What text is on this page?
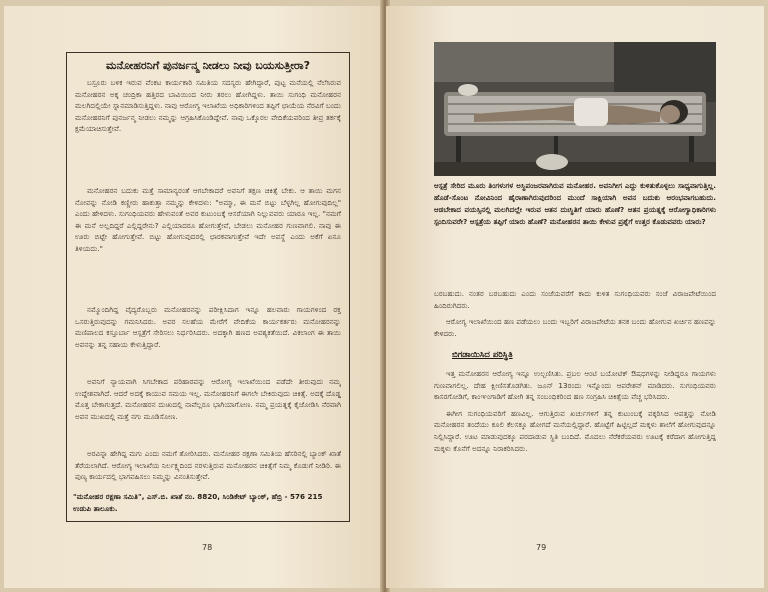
ಮನೋಹರನಿಗೆ ಪುನರ್ಜನ್ಮ ನೀಡಲು ನೀವು ಬಯಸುತ್ತೀರಾ?

ಬಸ್ರೂರು ಬಳಿಕ ಇರುವ ವೆಂಕಟ ಕಾರ್ಯಕಾರಿ ಸಮಿತಿಯ ಸದಸ್ಯರು ಹೇಗಿದ್ದಾರೆ, ಪುಟ್ಟ ಮನೆಯಲ್ಲಿ ನೆಲೆಸಿರುವ ಮನೋಹರನ ಅಕ್ಕ ಚಂದ್ರಿಕಾ ಹತ್ತಿರದ ಬಾವಿಯಿಂದ ನೀರು ತರಲು ಹೋಗಿದ್ದಳು. ತಾಯಿ ಸುಗಂಧಿ ಮನೋಹರನ ಮಲಗಿದಲ್ಲಿಯೇ ಸ್ನಾನಮಾಡಿಸುತ್ತಿದ್ದಳು. ನಾವು ಆರೋಗ್ಯ ಇಲಾಖೆಯ ಅಧಿಕಾರಿಗಳಿಂದ ತಪ್ಪಿಗೆ ಛಾಯೆಯ ನೆರವಿಗೆ ಬಂದು ಮನೋಹರನಿಗೆ ಪುನರ್ಜನ್ಮ ನೀಡಲು ನಮ್ಮನ್ನು ಆಗ್ರಹಿಸಿಕೊಂಡಿದ್ದೇವೆ. ನಾವು ಒಕ್ಕೊರಲ ವೇದಿಕೆಯವರಿಂದ ತೀವ್ರ ತರ್ಕಕ್ಕೆ ಕ್ಷಮೆಯಾಚಿಸುತ್ತೇವೆ.

ಮನೋಹರನ ಬದುಕು ಮತ್ತೆ ಸಾಮಾನ್ಯರಂತೆ ಆಗಬೇಕಾದರೆ ಅವನಿಗೆ ತಕ್ಷಣ ಚಿಕಿತ್ಸೆ ಬೇಕು. ಆ ತಾಯಿ ಮಗನ ನೋವನ್ನು ನೋಡಿ ಕಣ್ಣೀರು ಹಾಕುತ್ತಾ ನಮ್ಮನ್ನು ಕೇಳಿದಳು: "ಅಮ್ಮಾ, ಈ ಮನೆ ಬಿಟ್ಟು ಬೆಳ್ಳಗಿಲ್ಲ ಹೋಗುವುದಿಲ್ಲ" ಎಂದು ಹೇಳಿದಳು. ಸುಗಂಧಿಯವರು ಹೇಳುವಂತೆ ಅವರ ಕುಟುಂಬಕ್ಕೆ ಆಸರೆಯಾಗಿ ನಿಲ್ಲುವವರು ಯಾರೂ ಇಲ್ಲ. "ನಮಗೆ ಈ ಮನೆ ಅಲ್ಲದಿದ್ದರೆ ಎಲ್ಲಿದ್ದರೇನು? ಎಲ್ಲಿಯಾದರೂ ಹೋಗುತ್ತೇವೆ, ಬೇಡಲು ಮನೋಹರ ಗುಣವಾಗಲಿ. ನಾವು ಈ ಊರು ಬಿಟ್ಟೇ ಹೋಗುತ್ತೇವೆ. ಬಿಟ್ಟು ಹೋಗುವುದರಲ್ಲಿ ಛಾರಕವಾಗುತ್ತೇವೆ ಇದೇ ಅವಸ್ಥೆ ಎಂದು ಅಕೆಗೆ ಏನೂ ತಿಳಿಯದು."

ನಮ್ಮೊಂದಿಗಿದ್ದ ವೈದ್ಯರೊಬ್ಬರು ಮನೋಹರನನ್ನು ಪರೀಕ್ಷಿಸಿದಾಗ ಇನ್ನೂ ಹಲವಾರು ಗಾಯಗಳಿಂದ ರಕ್ತ ಒಸರುತ್ತಿರುವುದನ್ನು ಗಮನಿಸಿದರು. ಅವರ ಸಲಹೆಯ ಮೇರೆಗೆ ವೇದಿಕೆಯ ಕಾರ್ಯಕರ್ತರು ಮನೋಹರನನ್ನು ಮಣಿಪಾಲದ ಕಸ್ತೂರ್ಬಾ ಆಸ್ಪತ್ರೆಗೆ ಸೇರಿಸಲು ನಿರ್ಧರಿಸಿದರು. ಅದಕ್ಕಾಗಿ ಹಣದ ಅವಶ್ಯಕತೆಯಿದೆ. ವಿಕಲಾಂಗ ಈ ತಾಯಿ ಅವನನ್ನು ತನ್ನ ಸಹಾಯ ಕೇಳುತ್ತಿದ್ದಾರೆ.

ಅವನಿಗೆ ನ್ಯಾಯವಾಗಿ ಸಿಗಬೇಕಾದ ಪರಿಹಾರವನ್ನು ಆರೋಗ್ಯ ಇಲಾಖೆಯಿಂದ ಪಡೆದೇ ತೀರುವುದು ನಮ್ಮ ಉದ್ದೇಶವಾಗಿದೆ. ಆದರೆ ಅದಕ್ಕೆ ಕಾಯುವ ಸಮಯ ಇಲ್ಲ. ಮನೋಹರನಿಗೆ ಈಗಲೇ ಬೇಕಿರುವುದು ಚಿಕಿತ್ಸೆ. ಅದಕ್ಕೆ ದೊಡ್ಡ ಮೊತ್ತ ಬೇಕಾಗುತ್ತದೆ. ಮನೋಹರನ ದುಃಖದಲ್ಲಿ ನಾವೆಲ್ಲರೂ ಭಾಗಿಯಾಗೋಣ. ನಮ್ಮ ಪ್ರಯತ್ನಕ್ಕೆ ಕೈಜೋಡಿಸಿ ನೆರವಾಗಿ ಅವನ ಮುಖದಲ್ಲಿ ಮತ್ತೆ ನಗು ಮೂಡಿಸೋಣ.

ಅರವಿನ್ನಾ ಹೇಗಿದ್ದ ಮಗು ಎಂದು ನಮಗೆ ತೋರಿಸಿದರು. ಮನೋಹರ ರಕ್ಷಣಾ ಸಮಿತಿಯ ಹೆಸರಿನಲ್ಲಿ ಬ್ಯಾಂಕ್ ಖಾತೆ ತೆರೆಯಲಾಗಿದೆ. ಆರೋಗ್ಯ ಇಲಾಖೆಯ ನಿರ್ಲಕ್ಷ್ಯದಿಂದ ನರಳುತ್ತಿರುವ ಮನೋಹರನ ಚಿಕಿತ್ಸೆಗೆ ನಿಮ್ಮ ಕೊಡುಗೆ ನೀಡಿರಿ. ಈ ಪುಣ್ಯ ಕಾರ್ಯದಲ್ಲಿ ಭಾಗವಹಿಸಲು ನಿಮ್ಮನ್ನು ವಿನಂತಿಸುತ್ತೇವೆ.

"ಮನೋಹರ ರಕ್ಷಣಾ ಸಮಿತಿ", ಎಸ್.ಬಿ. ಖಾತೆ ನಂ. 8820, ಸಿಂಡಿಕೇಟ್ ಬ್ಯಾಂಕ್, ಹೆಬ್ರಿ - 576 215 ಉಡುಪಿ ತಾಲೂಕು.
78
ಆಸ್ಪತ್ರೆ ಸೇರಿದ ಮೂರು ತಿಂಗಳುಗಳ ಅಸ್ಥಿಪಂಜರವಾಗಿರುವ ಮನೋಹರ. ಅವನಿಗೀಗ ಎದ್ದು ಕುಳಿತುಕೊಳ್ಳಲು ಸಾಧ್ಯವಾಗುತ್ತಿಲ್ಲ. ಹೊಡೆ-ಸೊಂಟ ನೋವಿನಿಂದ ಹೈರಾಣಾಗಿರುವುದರಿಂದ ಮುಂದೆ ಸಾಕ್ಷಿಯಾಗಿ ಅವನ ಬದುಕು ಆರಂಭವಾಗಬಹುದು. ಆಡಬೇಕಾದ ವಯಸ್ಸಿನಲ್ಲಿ ಮಲಗಿದಲ್ಲೇ ಇರುವ ಆತನ ದುಃಸ್ಥಿತಿಗೆ ಯಾರು ಹೊಣೆ? ಆತನ ಪ್ರಯತ್ನಕ್ಕೆ ಆರೋಗ್ಯಾಧಿಕಾರಿಗಳು ಸ್ಪಂದಿಸುವರೇ? ಆಸ್ಪತ್ರೆಯ ತಪ್ಪಿಗೆ ಯಾರು ಹೊಣೆ? ಮನೋಹರನ ತಾಯಿ ಕೇಳುವ ಪ್ರಶ್ನೆಗೆ ಉತ್ತರ ಕೊಡುವವರು ಯಾರು?

ಬರಬಹುದು. ನಂತರ ಬರಬಹುದು ಎಂದು ಸಂಜೆಯವರೆಗೆ ಕಾದು ಕುಳಿತ ಸುಗಂಧಿಯವರು ಸಂಜೆ ವಿರಾಜಪೇಟೆಯಿಂದ ಹಿಂದಿರುಗಿದರು.

ಆರೋಗ್ಯ ಇಲಾಖೆಯಿಂದ ಹಣ ಪಡೆಯಲು ಬಂದು ಇಬ್ಬರಿಗೆ ವಿರಾಜಪೇಟೆಯ ತನಕ ಬಂದು ಹೋಗುವ ಖರ್ಚಿನ ಹಣವನ್ನು ಕೇಳಿದರು.

ಬಿಗಡಾಯಿಸಿದ ಪರಿಸ್ಥಿತಿ

ಇತ್ತ ಮನೋಹರನ ಆರೋಗ್ಯ ಇನ್ನೂ ಉಲ್ಬಣಿಸಿತು. ಪ್ರಬಲ ಆಂಟಿ ಬಯೋಟಿಕ್ ಔಷಧಗಳನ್ನು ನೀಡಿದ್ದರೂ ಗಾಯಗಳು ಗುಣವಾಗಲಿಲ್ಲ. ದೇಹ ಕ್ಷೀಣಿಸತೊಡಗಿತು. ಜೂನ್ 13ರಂದು ಇನ್ನೊಂದು ಆಪರೇಶನ್ ಮಾಡಿದರು. ಸುಗಂಧಿಯವರು ಕಾಸರಗೋಡಿಗೆ, ಕಾಂಞಂಗಾಡಿಗೆ ಹೋಗಿ ತನ್ನ ಸಂಬಂಧಿಕರಿಂದ ಹಣ ಸಂಗ್ರಹಿಸಿ ಚಿಕಿತ್ಸೆಯ ವೆಚ್ಚ ಭರಿಸಿದರು.

ಈಗೀಗ ಸುಗಂಧಿಯವರಿಗೆ ಹಣವಿಲ್ಲ. ಆಗುತ್ತಿರುವ ಖರ್ಚುಗಳಿಗೆ ತನ್ನ ಕುಟುಂಬಕ್ಕೆ ವಕ್ಕರಿಸಿದ ಆಪತ್ತನ್ನು ನೋಡಿ ಮನೋಹರನ ತಂದೆಯು ಕೂಲಿ ಕೆಲಸಕ್ಕೂ ಹೋಗದೆ ಮನೆಯಲ್ಲಿದ್ದಾರೆ. ಹೊಟ್ಟೆಗೆ ಹಿಟ್ಟಿಲ್ಲದೆ ಮಕ್ಕಳು ಶಾಲೆಗೆ ಹೋಗುವುದನ್ನೂ ನಿಲ್ಲಿಸಿದ್ದಾರೆ. ಊಟ ಮಾಡುವುದಕ್ಕೂ ಪರದಾಡುವ ಸ್ಥಿತಿ ಬಂದಿದೆ. ಮೊದಲು ನೆರೆಕರೆಯವರು ಊಟಕ್ಕೆ ಕರೆದಾಗ ಹೋಗುತ್ತಿದ್ದ ಮಕ್ಕಳು ಕೊನೆಗೆ ಅದನ್ನೂ ನಿರಾಕರಿಸಿದರು.

79
